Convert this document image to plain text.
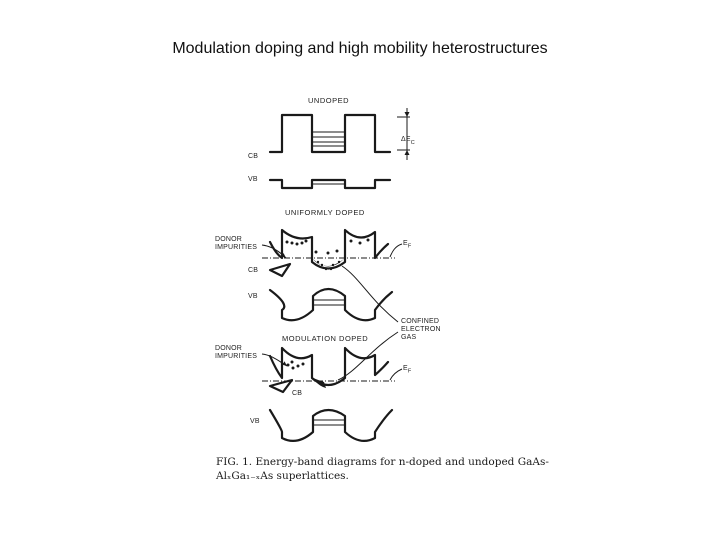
Modulation doping and high mobility heterostructures
UNDOPED
CB
VB
$\Delta E_C$
UNIFORMLY DOPED
DONOR
IMPURITIES
$E_F$
CB
VB
CONFINED
ELECTRON
GAS
MODULATION DOPED
DONOR
IMPURITIES
$E_F$
CB
VB
FIG. 1. Energy-band diagrams for n-doped and undoped GaAs-
AlₓGa₁₋ₓAs superlattices.
